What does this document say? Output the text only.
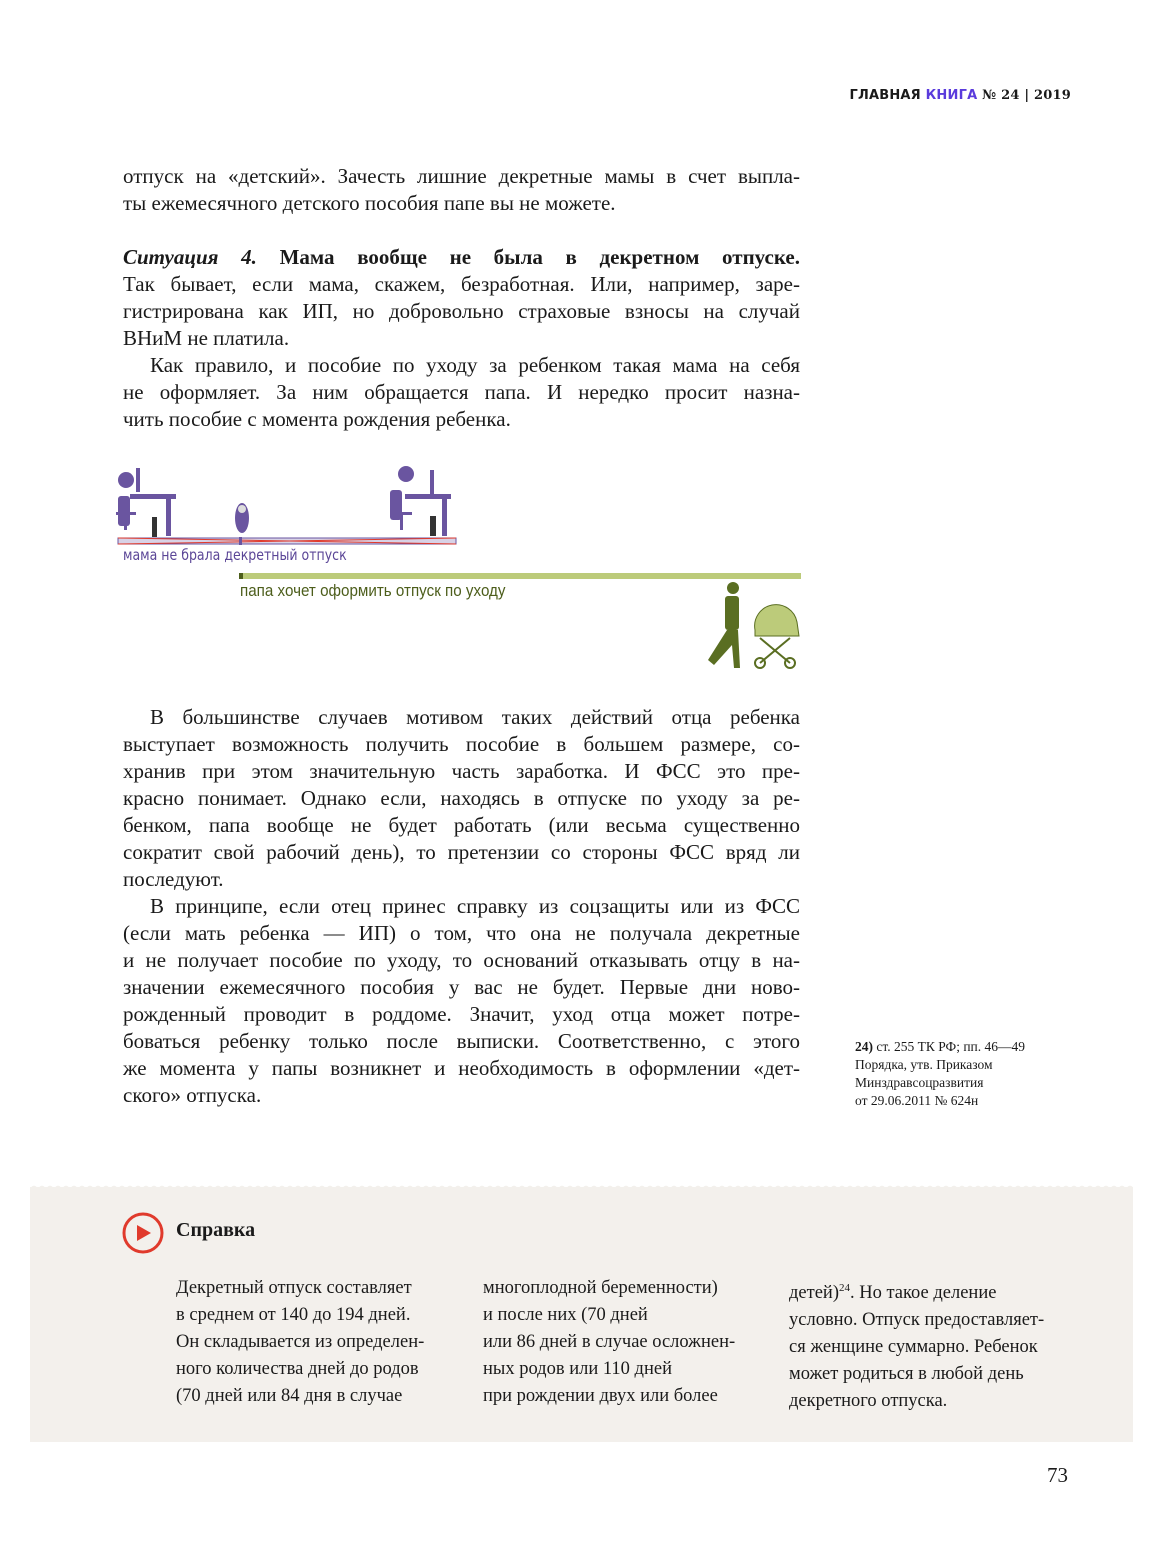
ГЛАВНАЯ КНИГА № 24 | 2019
отпуск на «детский». Зачесть лишние декретные мамы в счет выпла-
ты ежемесячного детского пособия папе вы не можете.
Ситуация 4. Мама вообще не была в декретном отпуске.
Так бывает, если мама, скажем, безработная. Или, например, заре-
гистрирована как ИП, но добровольно страховые взносы на случай
ВНиМ не платила.
Как правило, и пособие по уходу за ребенком такая мама на себя
не оформляет. За ним обращается папа. И нередко просит назна-
чить пособие с момента рождения ребенка.
мама не брала декретный отпуск
папа хочет оформить отпуск по уходу
В большинстве случаев мотивом таких действий отца ребенка
выступает возможность получить пособие в большем размере, со-
хранив при этом значительную часть заработка. И ФСС это пре-
красно понимает. Однако если, находясь в отпуске по уходу за ре-
бенком, папа вообще не будет работать (или весьма существенно
сократит свой рабочий день), то претензии со стороны ФСС вряд ли
последуют.
В принципе, если отец принес справку из соцзащиты или из ФСС
(если мать ребенка — ИП) о том, что она не получала декретные
и не получает пособие по уходу, то оснований отказывать отцу в на-
значении ежемесячного пособия у вас не будет. Первые дни ново-
рожденный проводит в роддоме. Значит, уход отца может потре-
боваться ребенку только после выписки. Соответственно, с этого
же момента у папы возникнет и необходимость в оформлении «дет-
ского» отпуска.
24) ст. 255 ТК РФ; пп. 46—49
Порядка, утв. Приказом
Минздравсоцразвития
от 29.06.2011 № 624н
Справка
Декретный отпуск составляет
в среднем от 140 до 194 дней.
Он складывается из определен-
ного количества дней до родов
(70 дней или 84 дня в случае
многоплодной беременности)
и после них (70 дней
или 86 дней в случае осложнен-
ных родов или 110 дней
при рождении двух или более
детей)$^{24}$. Но такое деление
условно. Отпуск предоставляет-
ся женщине суммарно. Ребенок
может родиться в любой день
декретного отпуска.
73
